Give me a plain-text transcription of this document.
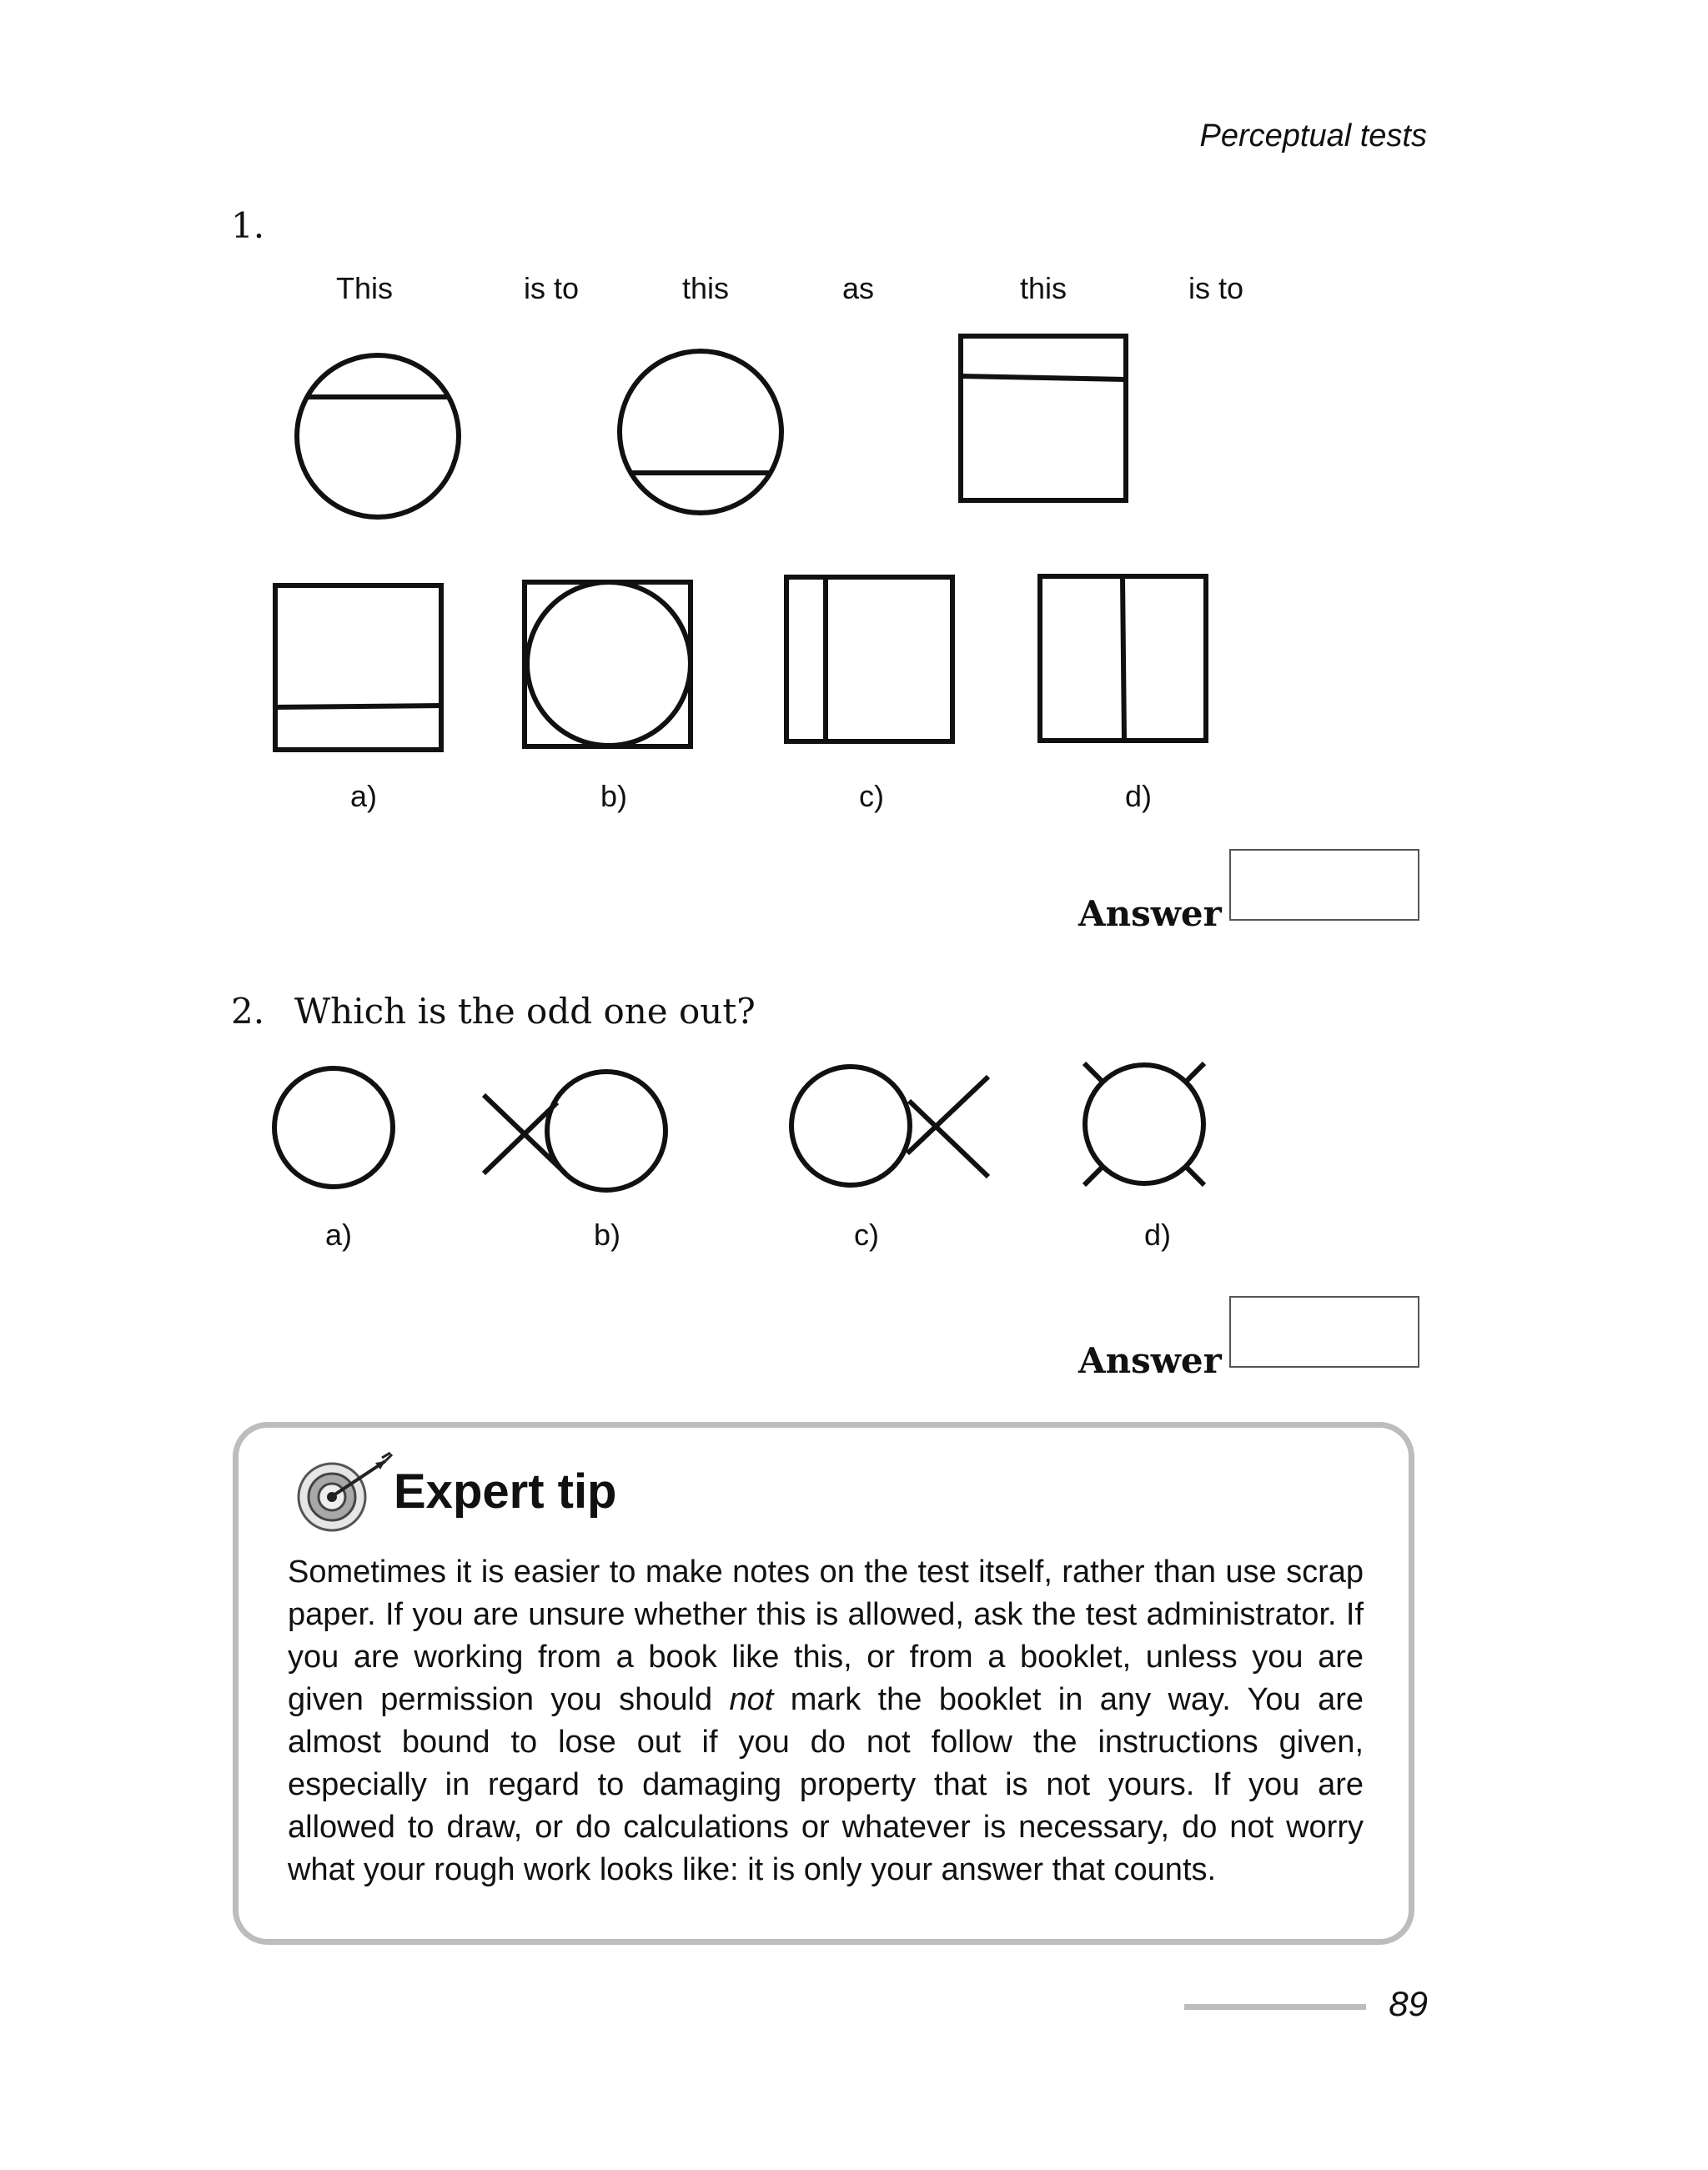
Perceptual tests
1.
This	is to	this	as	this	is to
a)	b)	c)	d)
Answer
2. Which is the odd one out?
a)	b)	c)	d)
Answer
Expert tip
Sometimes it is easier to make notes on the test itself, rather than use scrap paper. If you are unsure whether this is allowed, ask the test administrator. If you are working from a book like this, or from a booklet, unless you are given permission you should not mark the booklet in any way. You are almost bound to lose out if you do not follow the instructions given, especially in regard to damaging property that is not yours. If you are allowed to draw, or do calculations or whatever is necessary, do not worry what your rough work looks like: it is only your answer that counts.
89
